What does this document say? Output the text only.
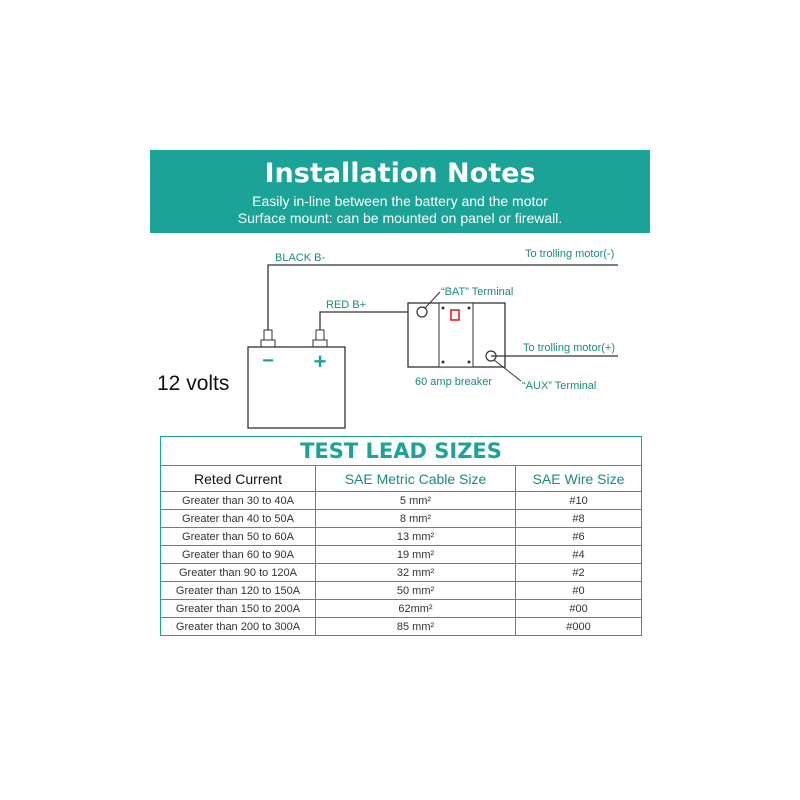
Installation Notes
Easily in-line between the battery and the motor
Surface mount: can be mounted on panel or firewall.
BLACK B-	To trolling motor(-)
RED B+
− +
12 volts
To trolling motor(+)
“BAT” Terminal
“AUX” Terminal
60 amp breaker
TEST LEAD SIZES		
Reted Current	SAE Metric Cable Size	SAE Wire Size
Greater than 30 to 40A	5 mm²	#10
Greater than 40 to 50A	8 mm²	#8
Greater than 50 to 60A	13 mm²	#6
Greater than 60 to 90A	19 mm²	#4
Greater than 90 to 120A	32 mm²	#2
Greater than 120 to 150A	50 mm²	#0
Greater than 150 to 200A	62mm²	#00
Greater than 200 to 300A	85 mm²	#000
